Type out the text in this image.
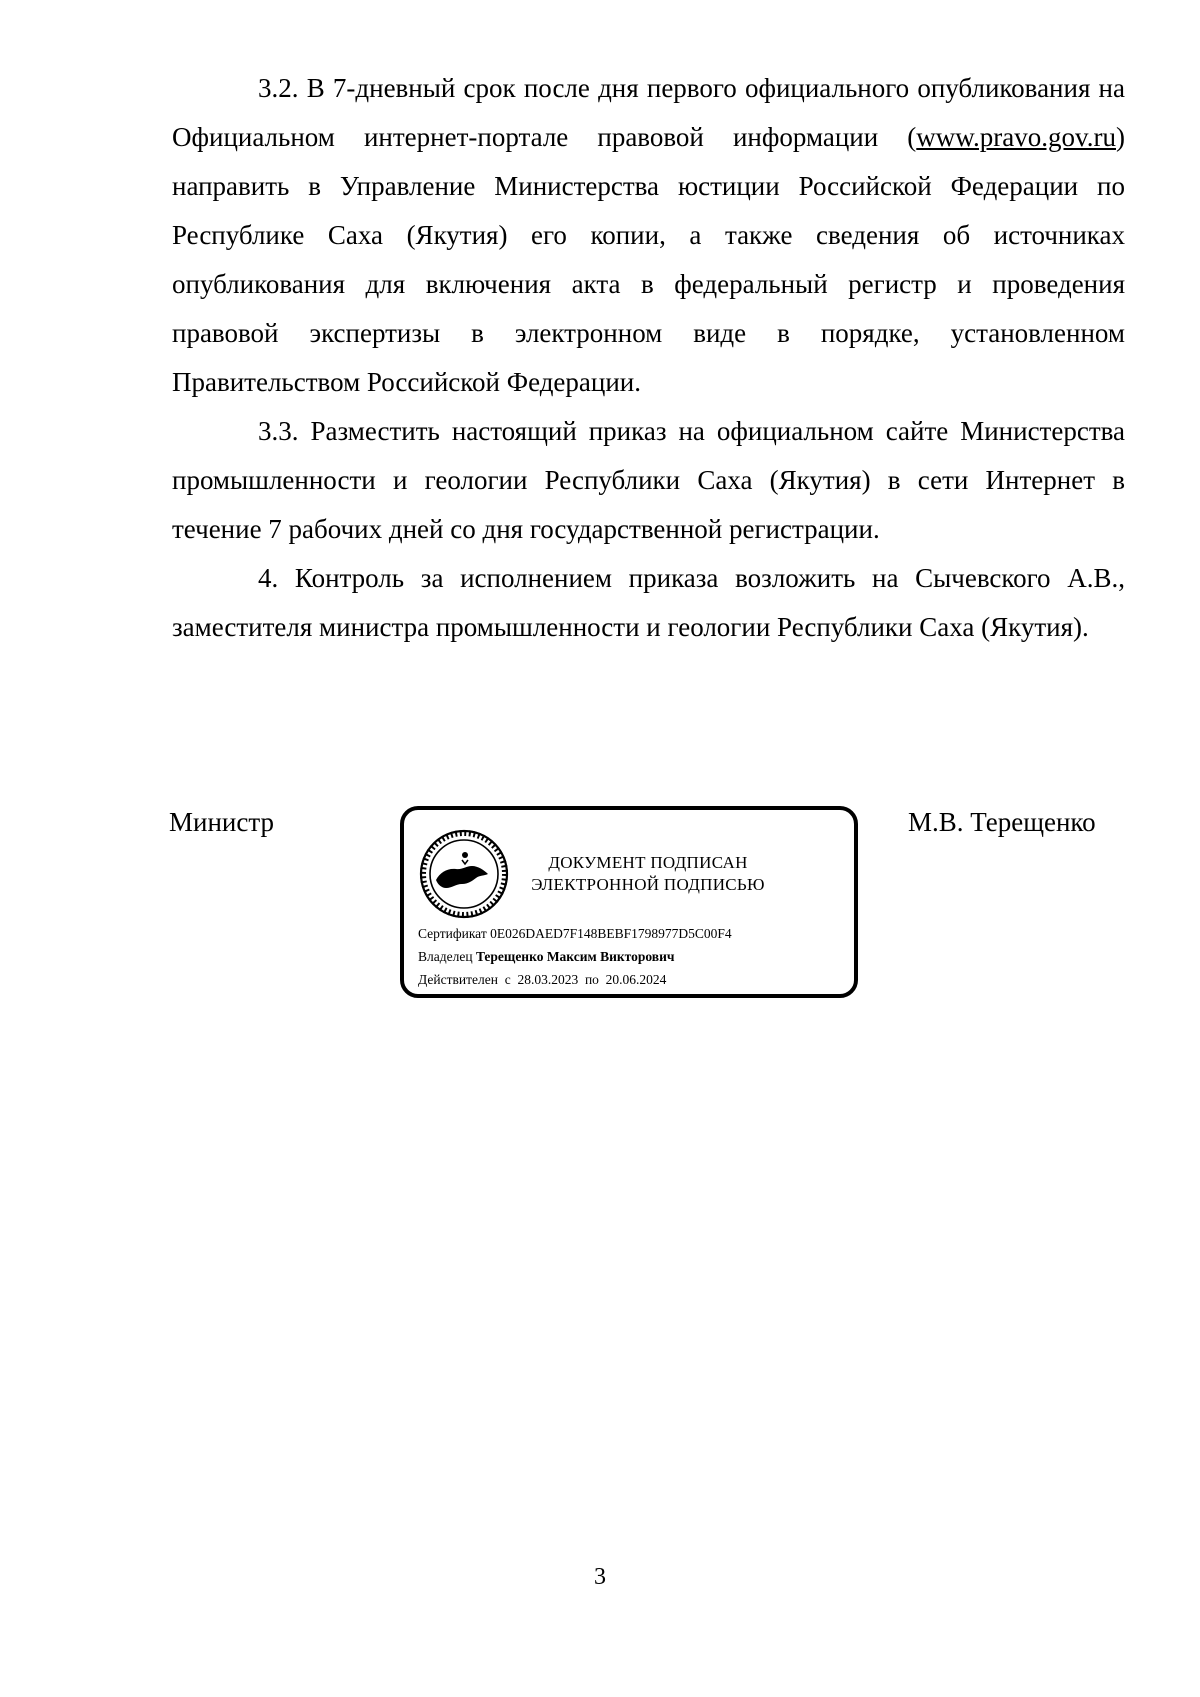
3.2. В 7-дневный срок после дня первого официального опубликования на Официальном интернет-портале правовой информации (www.pravo.gov.ru) направить в Управление Министерства юстиции Российской Федерации по Республике Саха (Якутия) его копии, а также сведения об источниках опубликования для включения акта в федеральный регистр и проведения правовой экспертизы в электронном виде в порядке, установленном Правительством Российской Федерации.

3.3. Разместить настоящий приказ на официальном сайте Министерства промышленности и геологии Республики Саха (Якутия) в сети Интернет в течение 7 рабочих дней со дня государственной регистрации.

4. Контроль за исполнением приказа возложить на Сычевского А.В., заместителя министра промышленности и геологии Республики Саха (Якутия).

Министр
ДОКУМЕНТ ПОДПИСАН
ЭЛЕКТРОННОЙ ПОДПИСЬЮ
Сертификат 0E026DAED7F148BEBF1798977D5C00F4
Владелец Терещенко Максим Викторович
Действителен с 28.03.2023 по 20.06.2024
М.В. Терещенко
3
